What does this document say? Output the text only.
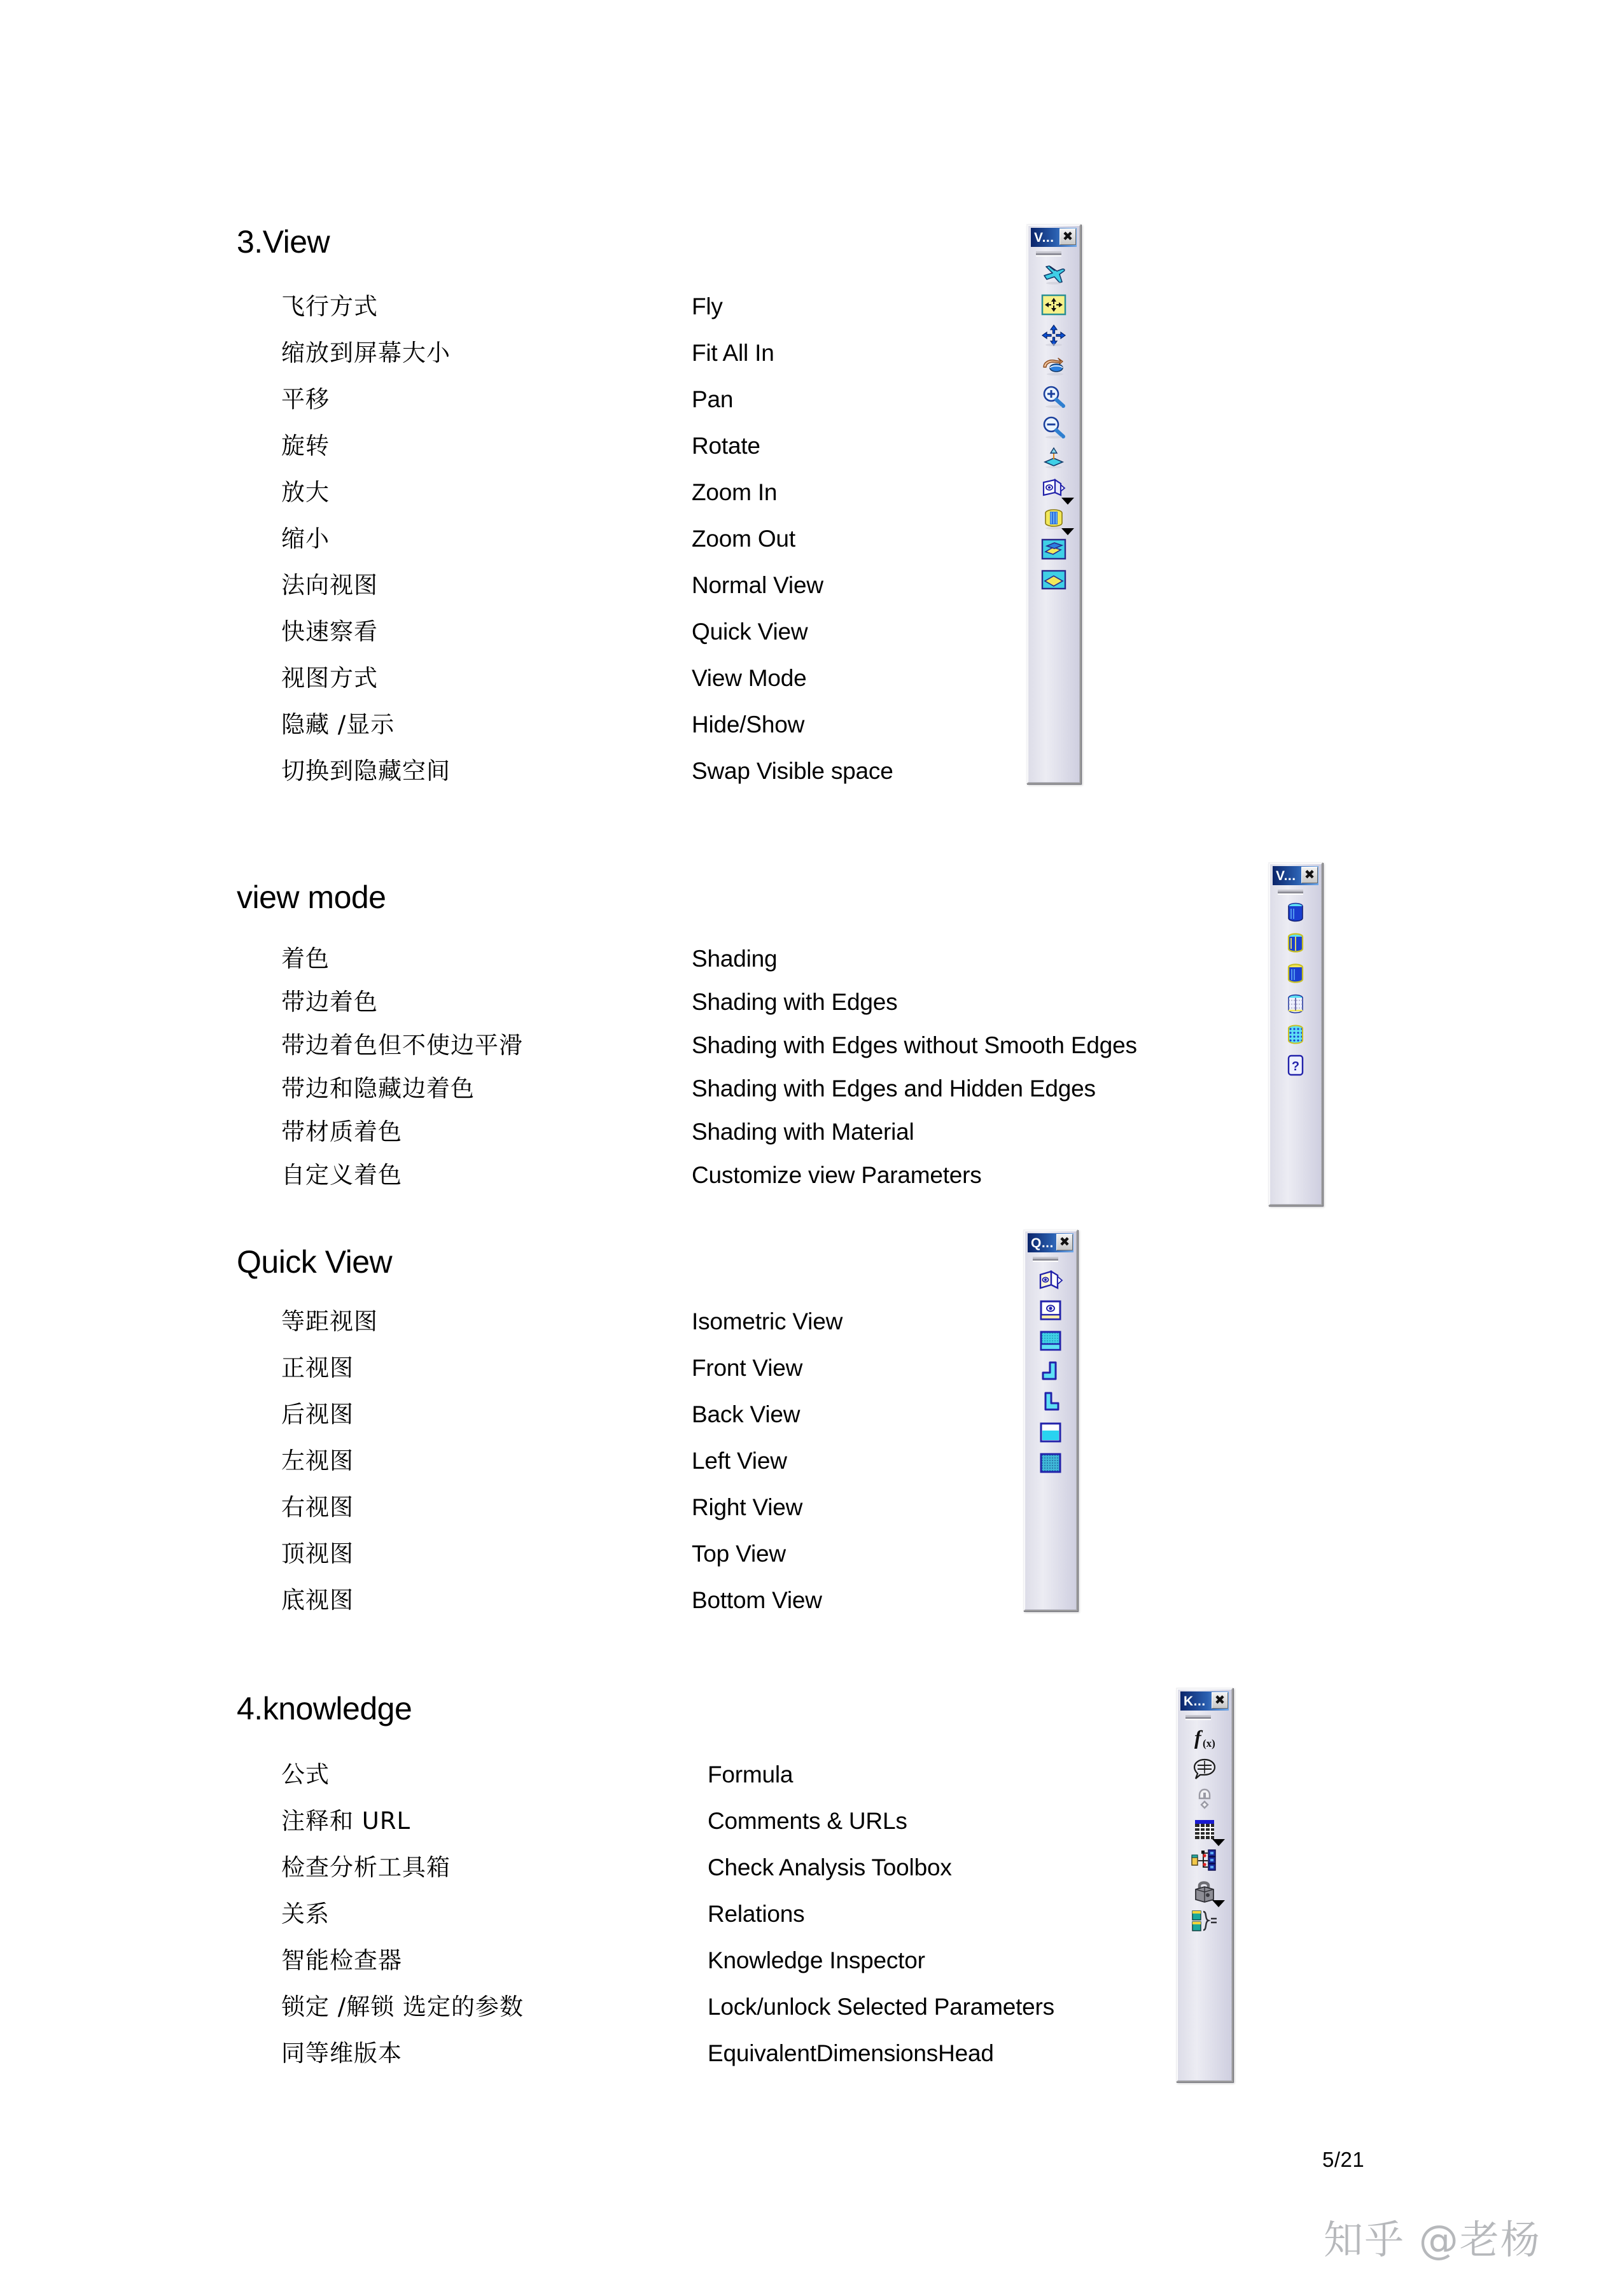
3.View
飞行方式	Fly
缩放到屏幕大小	Fit All In
平移	Pan
旋转	Rotate
放大	Zoom In
缩小	Zoom Out
法向视图	Normal View
快速察看	Quick View
视图方式	View Mode
隐藏 /显示	Hide/Show
切换到隐藏空间	Swap Visible space
V... ✖
view mode
着色	Shading
带边着色	Shading with Edges
带边着色但不使边平滑	Shading with Edges without Smooth Edges
带边和隐藏边着色	Shading with Edges and Hidden Edges
带材质着色	Shading with Material
自定义着色	Customize view Parameters
V... ✖
?
Quick View
等距视图	Isometric View
正视图	Front View
后视图	Back View
左视图	Left View
右视图	Right View
顶视图	Top View
底视图	Bottom View
Q... ✖
4.knowledge
公式	Formula
注释和 URL	Comments & URLs
检查分析工具箱	Check Analysis Toolbox
关系	Relations
智能检查器	Knowledge Inspector
锁定 /解锁 选定的参数	Lock/unlock Selected Parameters
同等维版本	EquivalentDimensionsHead
K... ✖
f (x)
5/21
知乎 @老杨
